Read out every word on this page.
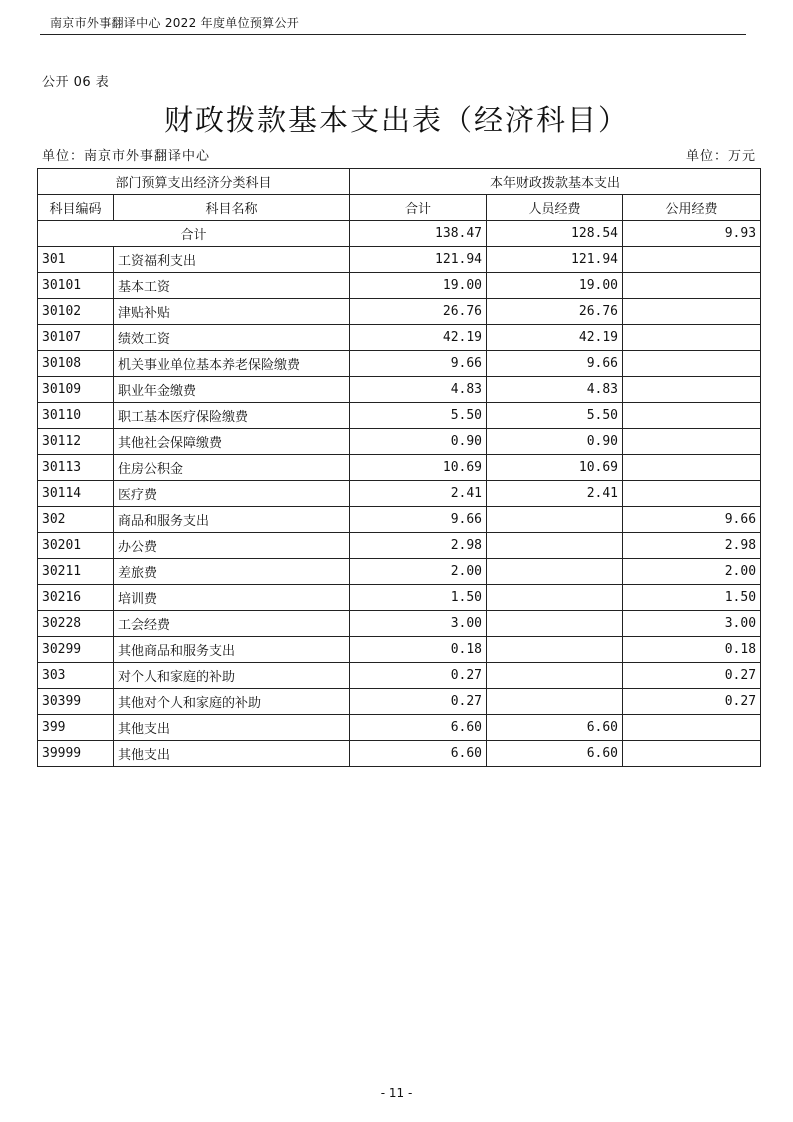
南京市外事翻译中心 2022 年度单位预算公开
公开 06 表
财政拨款基本支出表（经济科目）
单位：南京市外事翻译中心	单位：万元
部门预算支出经济分类科目		本年财政拨款基本支出		
科目编码	科目名称	合计	人员经费	公用经费
合计		138.47	128.54	9.93
301	工资福利支出	121.94	121.94	
30101	基本工资	19.00	19.00	
30102	津贴补贴	26.76	26.76	
30107	绩效工资	42.19	42.19	
30108	机关事业单位基本养老保险缴费	9.66	9.66	
30109	职业年金缴费	4.83	4.83	
30110	职工基本医疗保险缴费	5.50	5.50	
30112	其他社会保障缴费	0.90	0.90	
30113	住房公积金	10.69	10.69	
30114	医疗费	2.41	2.41	
302	商品和服务支出	9.66		9.66
30201	办公费	2.98		2.98
30211	差旅费	2.00		2.00
30216	培训费	1.50		1.50
30228	工会经费	3.00		3.00
30299	其他商品和服务支出	0.18		0.18
303	对个人和家庭的补助	0.27		0.27
30399	其他对个人和家庭的补助	0.27		0.27
399	其他支出	6.60	6.60	
39999	其他支出	6.60	6.60	
- 11 -
